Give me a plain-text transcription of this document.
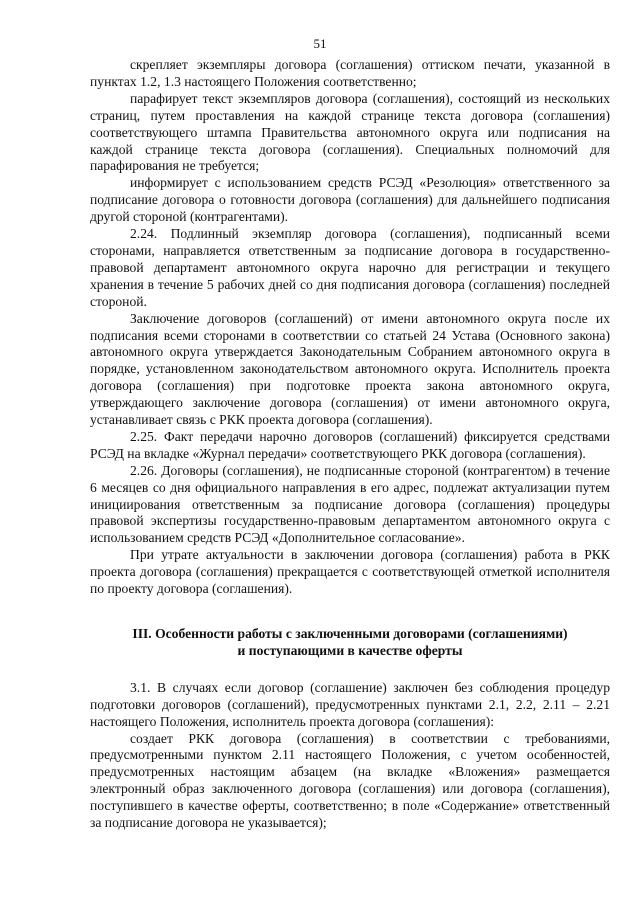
51

скрепляет экземпляры договора (соглашения) оттиском печати, указанной в пунктах 1.2, 1.3 настоящего Положения соответственно;

парафирует текст экземпляров договора (соглашения), состоящий из нескольких страниц, путем проставления на каждой странице текста договора (соглашения) соответствующего штампа Правительства автономного округа или подписания на каждой странице текста договора (соглашения). Специальных полномочий для парафирования не требуется;

информирует с использованием средств РСЭД «Резолюция» ответственного за подписание договора о готовности договора (соглашения) для дальнейшего подписания другой стороной (контрагентами).

2.24. Подлинный экземпляр договора (соглашения), подписанный всеми сторонами, направляется ответственным за подписание договора в государственно-правовой департамент автономного округа нарочно для регистрации и текущего хранения в течение 5 рабочих дней со дня подписания договора (соглашения) последней стороной.

Заключение договоров (соглашений) от имени автономного округа после их подписания всеми сторонами в соответствии со статьей 24 Устава (Основного закона) автономного округа утверждается Законодательным Собранием автономного округа в порядке, установленном законодательством автономного округа. Исполнитель проекта договора (соглашения) при подготовке проекта закона автономного округа, утверждающего заключение договора (соглашения) от имени автономного округа, устанавливает связь с РКК проекта договора (соглашения).

2.25. Факт передачи нарочно договоров (соглашений) фиксируется средствами РСЭД на вкладке «Журнал передачи» соответствующего РКК договора (соглашения).

2.26. Договоры (соглашения), не подписанные стороной (контрагентом) в течение 6 месяцев со дня официального направления в его адрес, подлежат актуализации путем инициирования ответственным за подписание договора (соглашения) процедуры правовой экспертизы государственно-правовым департаментом автономного округа с использованием средств РСЭД «Дополнительное согласование».

При утрате актуальности в заключении договора (соглашения) работа в РКК проекта договора (соглашения) прекращается с соответствующей отметкой исполнителя по проекту договора (соглашения).

III. Особенности работы с заключенными договорами (соглашениями)
и поступающими в качестве оферты

3.1. В случаях если договор (соглашение) заключен без соблюдения процедур подготовки договоров (соглашений), предусмотренных пунктами 2.1, 2.2, 2.11 – 2.21 настоящего Положения, исполнитель проекта договора (соглашения):

создает РКК договора (соглашения) в соответствии с требованиями, предусмотренными пунктом 2.11 настоящего Положения, с учетом особенностей, предусмотренных настоящим абзацем (на вкладке «Вложения» размещается электронный образ заключенного договора (соглашения) или договора (соглашения), поступившего в качестве оферты, соответственно; в поле «Содержание» ответственный за подписание договора не указывается);
